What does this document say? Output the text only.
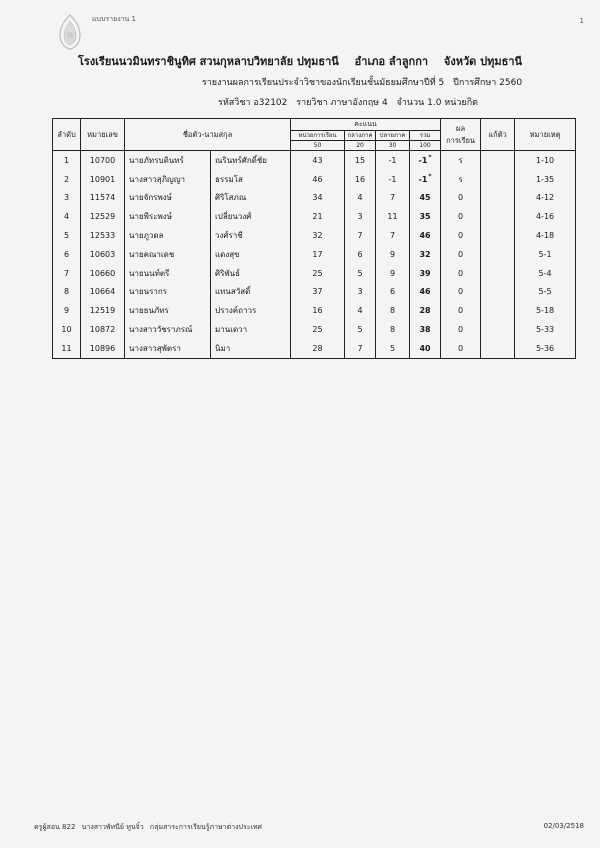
แบบรายงาน 1	1
โรงเรียนนวมินทราชินูทิศ สวนกุหลาบวิทยาลัย ปทุมธานี อำเภอ ลำลูกกา จังหวัด ปทุมธานี
รายงานผลการเรียนประจำวิชาของนักเรียนชั้นมัธยมศึกษาปีที่ 5 ปีการศึกษา 2560
รหัสวิชา อ32102 รายวิชา ภาษาอังกฤษ 4 จำนวน 1.0 หน่วยกิต
ลำดับ	หมายเลข	ชื่อตัว-นามสกุล		คะแนน				ผล
การเรียน	แก้ตัว	หมายเหตุ
				หน่วยการเรียน	กลางภาค	ปลายภาค	รวม			
				50	20	30	100			
1	10700	นายภัทรบดินทร์	ณรินทร์ศักดิ์ชัย	43	15	-1	-1*	ร		1-10
2	10901	นางสาวสุภิญญา	ธรรมโส	46	16	-1	-1*	ร		1-35
3	11574	นายจักรพงษ์	ศิริโสภณ	34	4	7	45	0		4-12
4	12529	นายพีระพงษ์	เปลี่ยนวงศ์	21	3	11	35	0		4-16
5	12533	นายภูวดล	วงศ์ราชี	32	7	7	46	0		4-18
6	10603	นายคณาเดช	แดงสุข	17	6	9	32	0		5-1
7	10660	นายนนท์ตรี	ศิริพันธ์	25	5	9	39	0		5-4
8	10664	นายนรากร	แทนสวัสดิ์	37	3	6	46	0		5-5
9	12519	นายธนภัทร	ปรางค์ถาวร	16	4	8	28	0		5-18
10	10872	นางสาววัชราภรณ์	มานเดวา	25	5	8	38	0		5-33
11	10896	นางสาวสุพัตรา	นิมา	28	7	5	40	0		5-36
ครูผู้สอน 822 นางสาวพัทนีย์ ทูนจิ๋ว กลุ่มสาระการเรียนรู้ภาษาต่างประเทศ	02/03/2518
